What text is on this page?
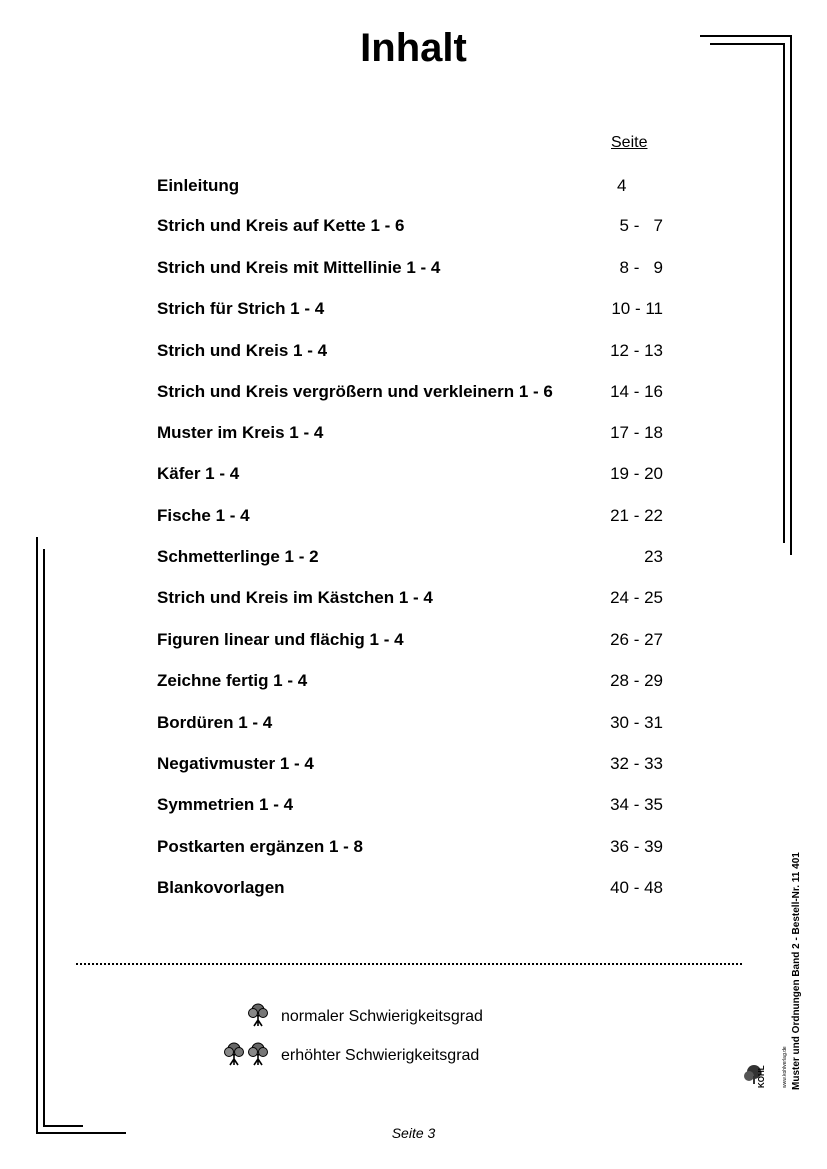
Inhalt
Seite
Einleitung	4
Strich und Kreis auf Kette 1 - 6	5 -   7
Strich und Kreis mit Mittellinie 1 - 4	8 -   9
Strich für Strich 1 - 4	10 - 11
Strich und Kreis 1 - 4	12 - 13
Strich und Kreis vergrößern und verkleinern 1 - 6	14 - 16
Muster im Kreis 1 - 4	17 - 18
Käfer 1 - 4	19 - 20
Fische 1 - 4	21 - 22
Schmetterlinge 1 - 2	23
Strich und Kreis im Kästchen 1 - 4	24 - 25
Figuren linear und flächig 1 - 4	26 - 27
Zeichne fertig 1 - 4	28 - 29
Bordüren 1 - 4	30 - 31
Negativmuster 1 - 4	32 - 33
Symmetrien 1 - 4	34 - 35
Postkarten ergänzen 1 - 8	36 - 39
Blankovorlagen	40 - 48
normaler Schwierigkeitsgrad
erhöhter Schwierigkeitsgrad	Muster und Ordnungen Band 2 - Bestell-Nr. 11 401
KOHL	www.kohlverlag.de
Seite 3
